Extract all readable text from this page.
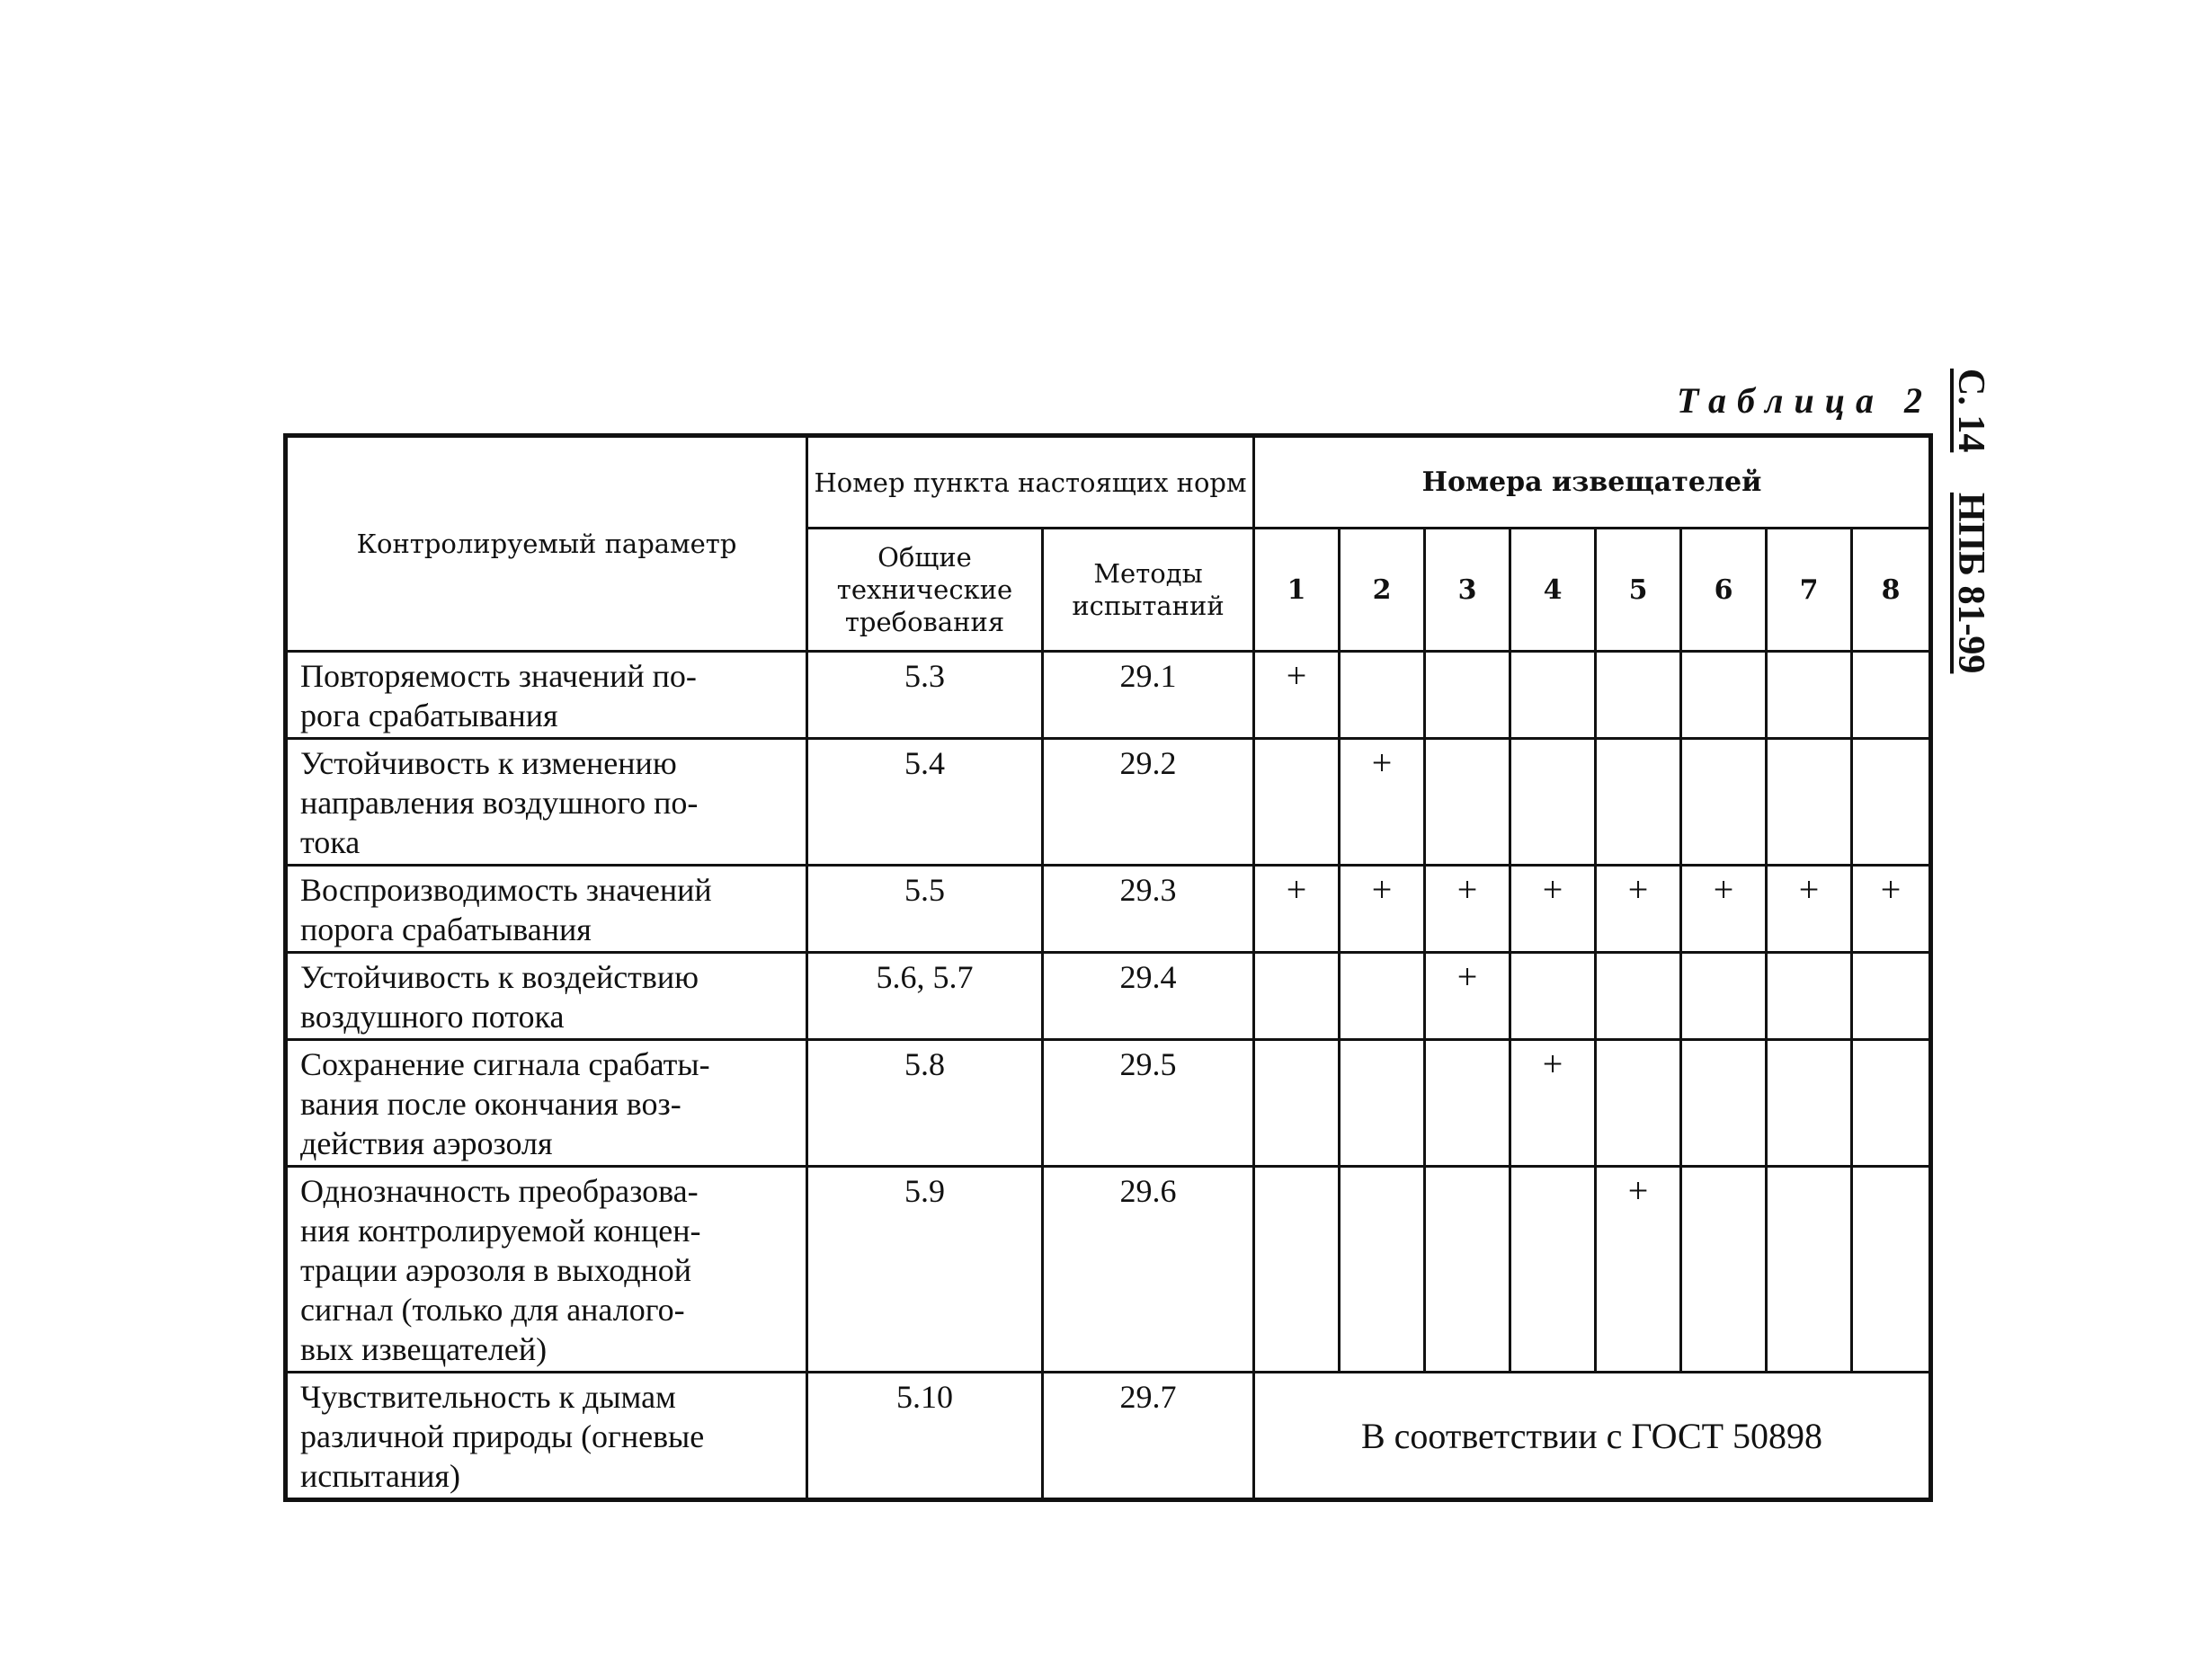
Таблица 2 С. 14 НПБ 81-99
Контролируемый параметр	Номер пункта настоящих норм		Номера извещателей							
	Общие технические требования	Методы испытаний	1	2	3	4	5	6	7	8

Повторяемость значений по-
рога срабатывания	5.3	29.1	+							

Устойчивость к изменению
направления воздушного по-
тока	5.4	29.2		+						

Воспроизводимость значений
порога срабатывания	5.5	29.3	+	+	+	+	+	+	+	+

Устойчивость к воздействию
воздушного потока	5.6, 5.7	29.4			+					

Сохранение сигнала срабаты-
вания после окончания воз-
действия аэрозоля	5.8	29.5				+				

Однозначность преобразова-
ния контролируемой концен-
трации аэрозоля в выходной
сигнал (только для аналого-
вых извещателей)	5.9	29.6					+			

Чувствительность к дымам
различной природы (огневые
испытания)	5.10	29.7	В соответствии с ГОСТ 50898							
